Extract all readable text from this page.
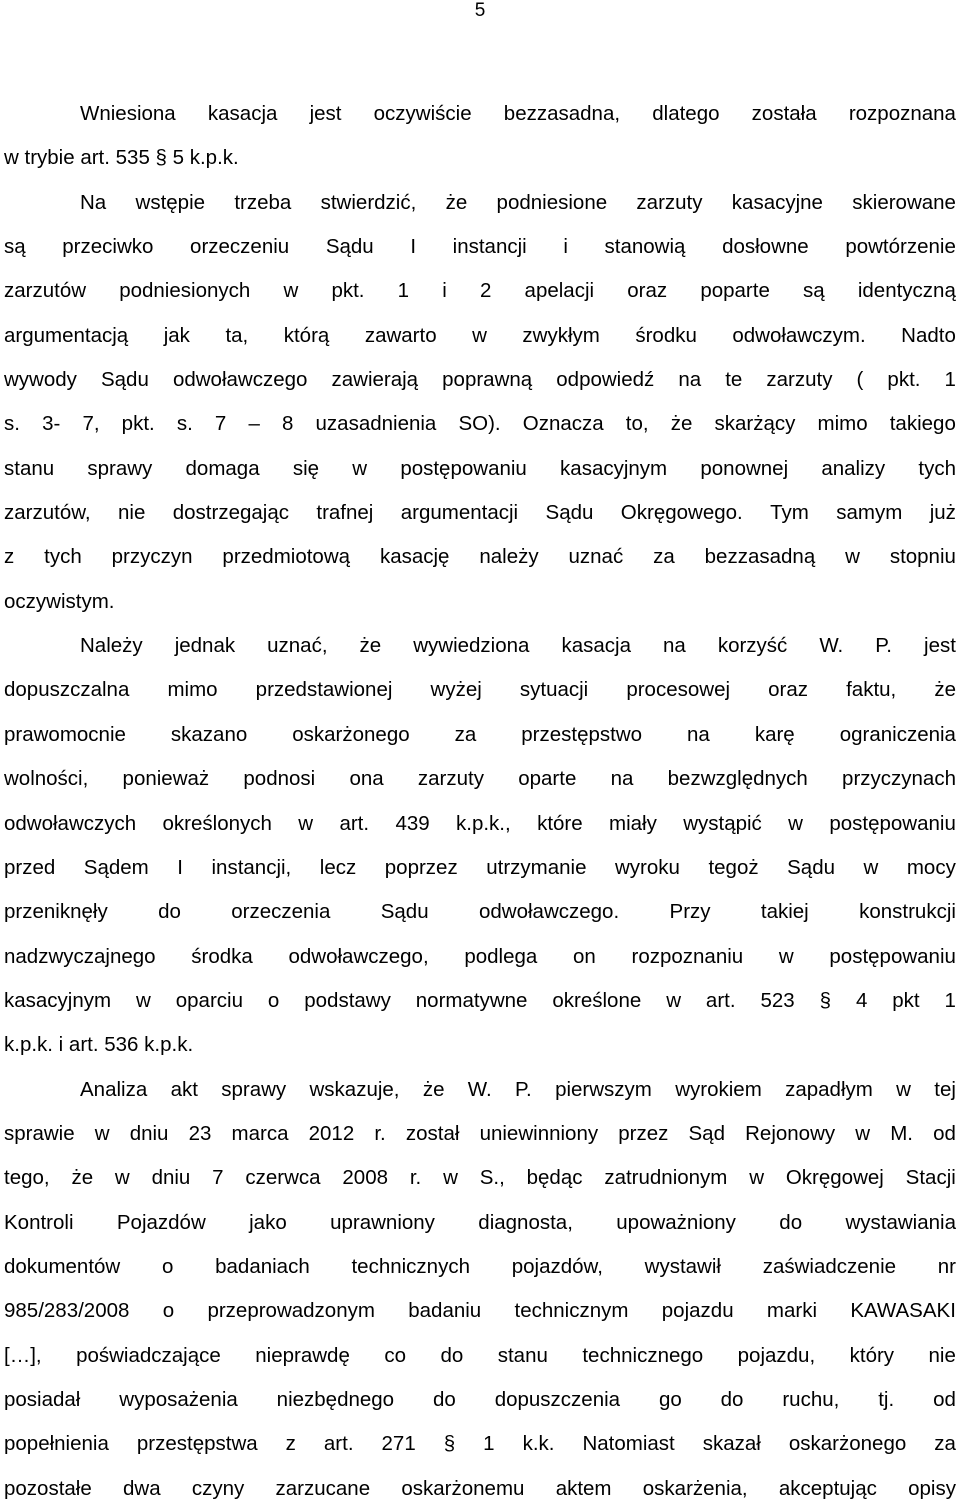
5
Wniesiona kasacja jest oczywiście bezzasadna, dlatego została rozpoznana
w trybie art. 535 § 5 k.p.k.
Na wstępie trzeba stwierdzić, że podniesione zarzuty kasacyjne skierowane
są przeciwko orzeczeniu Sądu I instancji i stanowią dosłowne powtórzenie
zarzutów podniesionych w pkt. 1 i 2 apelacji oraz poparte są identyczną
argumentacją jak ta, którą zawarto w zwykłym środku odwoławczym. Nadto
wywody Sądu odwoławczego zawierają poprawną odpowiedź na te zarzuty ( pkt. 1
s. 3- 7, pkt. s. 7 – 8 uzasadnienia SO). Oznacza to, że skarżący mimo takiego
stanu sprawy domaga się w postępowaniu kasacyjnym ponownej analizy tych
zarzutów, nie dostrzegając trafnej argumentacji Sądu Okręgowego. Tym samym już
z tych przyczyn przedmiotową kasację należy uznać za bezzasadną w stopniu
oczywistym.
Należy jednak uznać, że wywiedziona kasacja na korzyść W. P. jest
dopuszczalna mimo przedstawionej wyżej sytuacji procesowej oraz faktu, że
prawomocnie skazano oskarżonego za przestępstwo na karę ograniczenia
wolności, ponieważ podnosi ona zarzuty oparte na bezwzględnych przyczynach
odwoławczych określonych w art. 439 k.p.k., które miały wystąpić w postępowaniu
przed Sądem I instancji, lecz poprzez utrzymanie wyroku tegoż Sądu w mocy
przeniknęły do orzeczenia Sądu odwoławczego. Przy takiej konstrukcji
nadzwyczajnego środka odwoławczego, podlega on rozpoznaniu w postępowaniu
kasacyjnym w oparciu o podstawy normatywne określone w art. 523 § 4 pkt 1
k.p.k. i art. 536 k.p.k.
Analiza akt sprawy wskazuje, że W. P. pierwszym wyrokiem zapadłym w tej
sprawie w dniu 23 marca 2012 r. został uniewinniony przez Sąd Rejonowy w M. od
tego, że w dniu 7 czerwca 2008 r. w S., będąc zatrudnionym w Okręgowej Stacji
Kontroli Pojazdów jako uprawniony diagnosta, upoważniony do wystawiania
dokumentów o badaniach technicznych pojazdów, wystawił zaświadczenie nr
985/283/2008 o przeprowadzonym badaniu technicznym pojazdu marki KAWASAKI
[…], poświadczające nieprawdę co do stanu technicznego pojazdu, który nie
posiadał wyposażenia niezbędnego do dopuszczenia go do ruchu, tj. od
popełnienia przestępstwa z art. 271 § 1 k.k. Natomiast skazał oskarżonego za
pozostałe dwa czyny zarzucane oskarżonemu aktem oskarżenia, akceptując opisy
